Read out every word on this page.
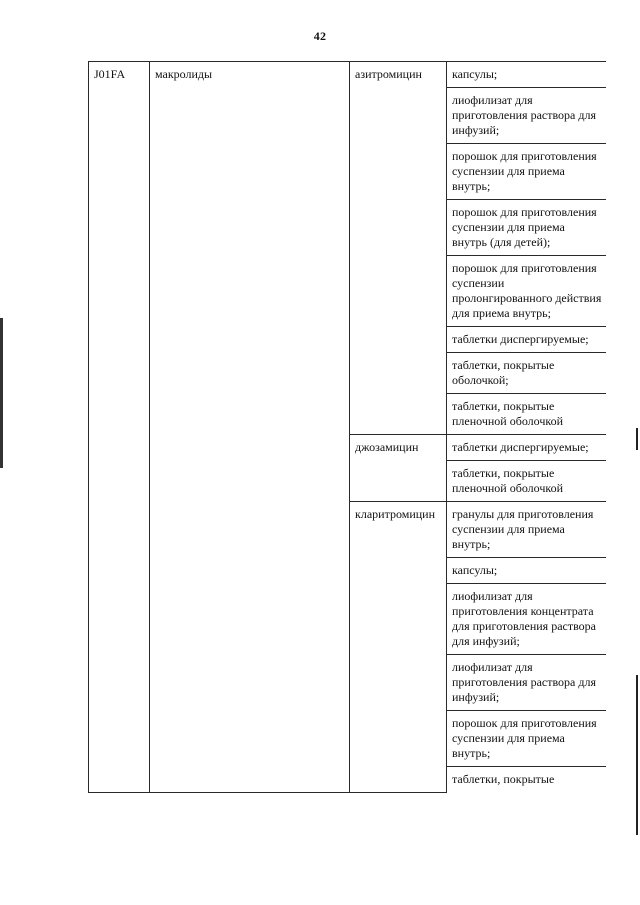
42
J01FA	макролиды	азитромицин	капсулы;
			лиофилизат для приготовления раствора для инфузий;
			порошок для приготовления суспензии для приема внутрь;
			порошок для приготовления суспензии для приема внутрь (для детей);
			порошок для приготовления суспензии пролонгированного действия для приема внутрь;
			таблетки диспергируемые;
			таблетки, покрытые оболочкой;
			таблетки, покрытые пленочной оболочкой
		джозамицин	таблетки диспергируемые;
			таблетки, покрытые пленочной оболочкой
		кларитромицин	гранулы для приготовления суспензии для приема внутрь;
			капсулы;
			лиофилизат для приготовления концентрата для приготовления раствора для инфузий;
			лиофилизат для приготовления раствора для инфузий;
			порошок для приготовления суспензии для приема внутрь;
			таблетки, покрытые
